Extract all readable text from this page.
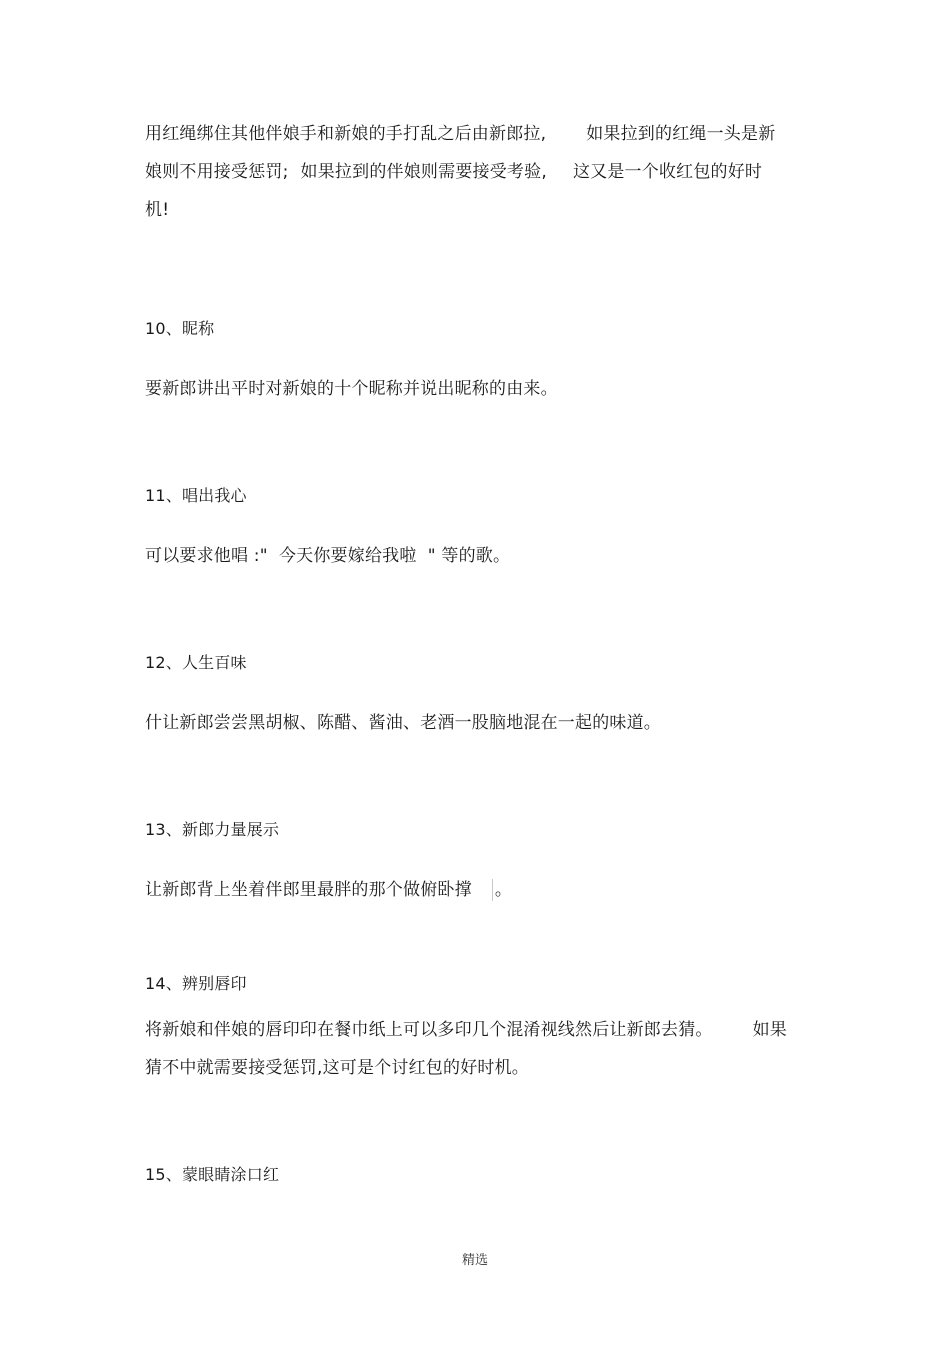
用红绳绑住其他伴娘手和新娘的手打乱之后由新郎拉, 如果拉到的红绳一头是新
娘则不用接受惩罚; 如果拉到的伴娘则需要接受考验, 这又是一个收红包的好时
机!
10、昵称
要新郎讲出平时对新娘的十个昵称并说出昵称的由来。
11、唱出我心
可以要求他唱 :"  今天你要嫁给我啦  " 等的歌。
12、人生百味
什让新郎尝尝黑胡椒、陈醋、酱油、老酒一股脑地混在一起的味道。
13、新郎力量展示
让新郎背上坐着伴郎里最胖的那个做俯卧撑 。
14、辨别唇印
将新娘和伴娘的唇印印在餐巾纸上可以多印几个混淆视线然后让新郎去猜。 如果
猜不中就需要接受惩罚,这可是个讨红包的好时机。
15、蒙眼睛涂口红
精选
